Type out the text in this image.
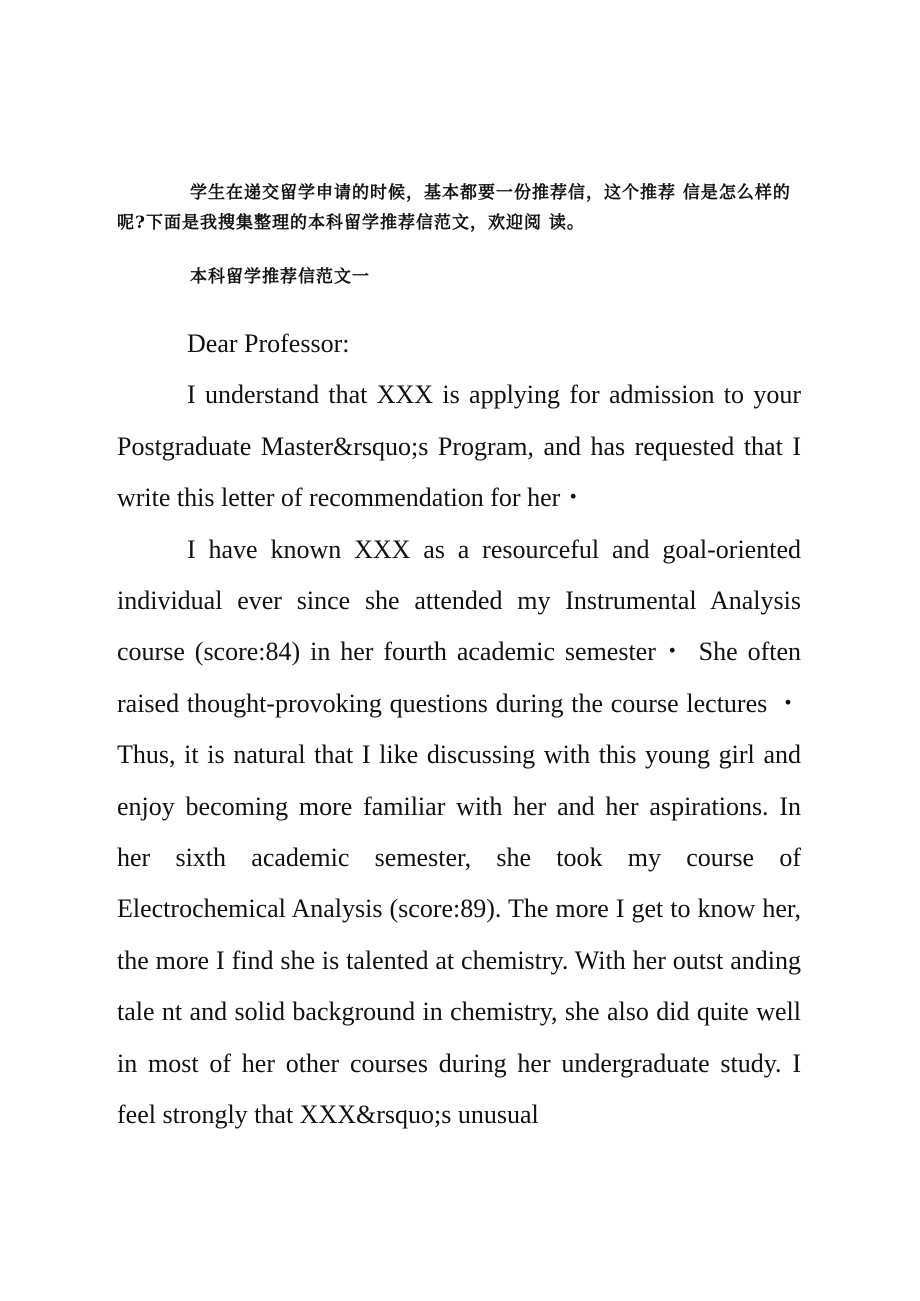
学生在递交留学申请的时候，基本都要一份推荐信，这个推荐 信是怎么样的呢?下面是我搜集整理的本科留学推荐信范文，欢迎阅 读。

本科留学推荐信范文一

Dear Professor:

I understand that XXX is applying for admission to your Postgraduate Master&rsquo;s Program, and has requested that I write this letter of recommendation for her・

I have known XXX as a resourceful and goal-oriented individual ever since she attended my Instrumental Analysis course (score:84) in her fourth academic semester・ She often raised thought-provoking questions during the course lectures ・ Thus, it is natural that I like discussing with this young girl and enjoy becoming more familiar with her and her aspirations. In her sixth academic semester, she took my course of Electrochemical Analysis (score:89). The more I get to know her, the more I find she is talented at chemistry. With her outst anding tale nt and solid background in chemistry, she also did quite well in most of her other courses during her undergraduate study. I feel strongly that XXX&rsquo;s unusual
